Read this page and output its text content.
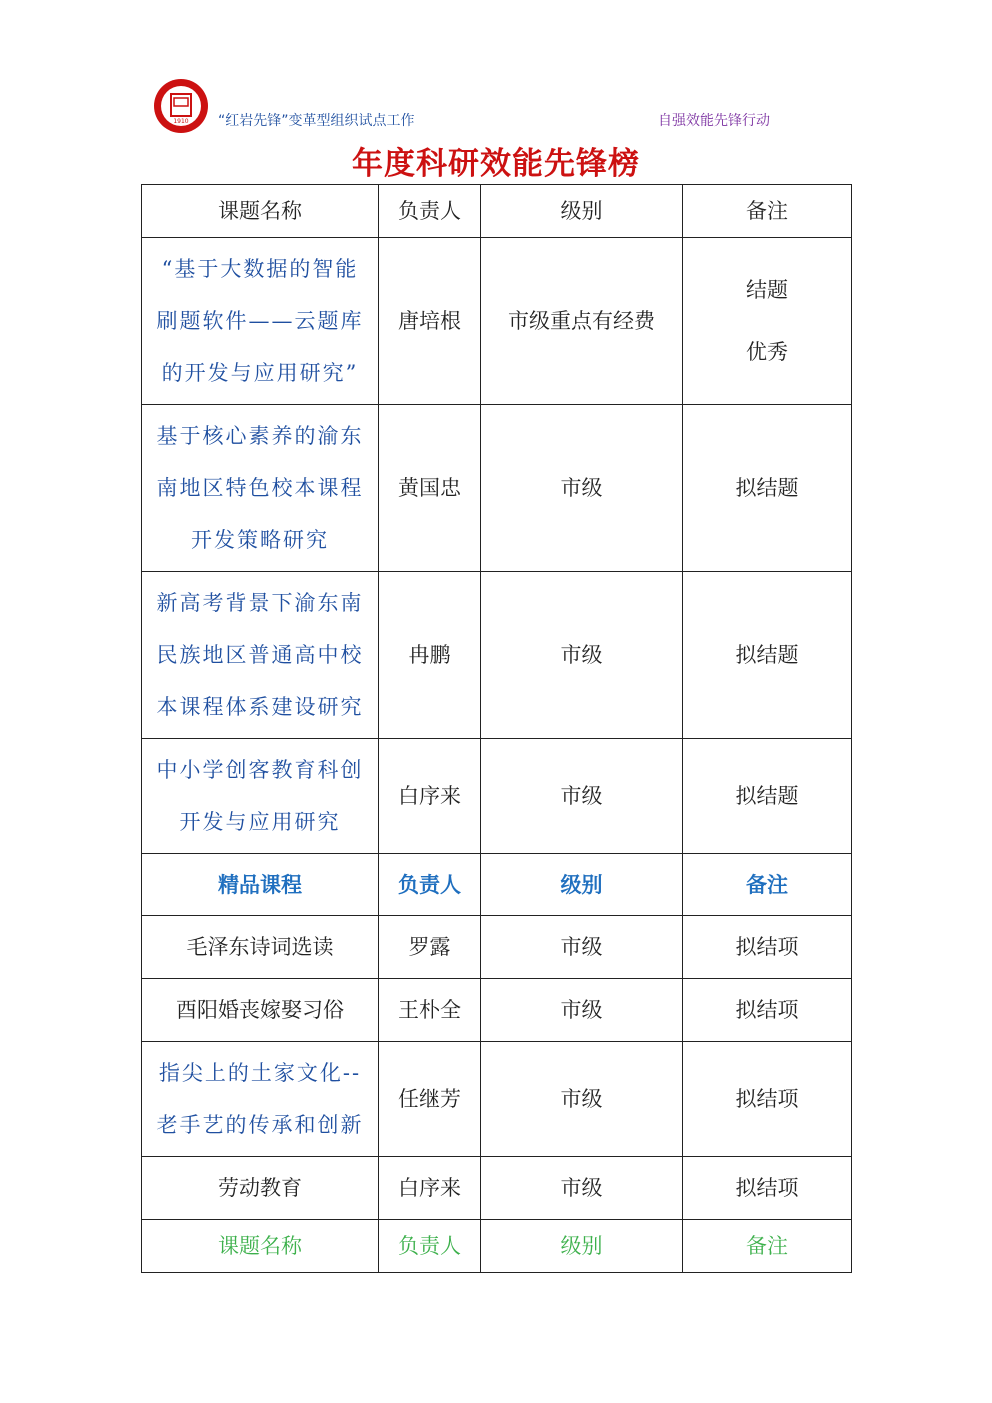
1910 “红岩先锋”变革型组织试点工作	自强效能先锋行动
年度科研效能先锋榜
课题名称	负责人	级别	备注
“基于大数据的智能刷题软件——云题库的开发与应用研究”	唐培根	市级重点有经费	结题
优秀

基于核心素养的渝东南地区特色校本课程开发策略研究	黄国忠	市级	拟结题
新高考背景下渝东南民族地区普通高中校本课程体系建设研究	冉鹏	市级	拟结题
中小学创客教育科创开发与应用研究	白序来	市级	拟结题
精品课程	负责人	级别	备注
毛泽东诗词选读	罗露	市级	拟结项
酉阳婚丧嫁娶习俗	王朴全	市级	拟结项
指尖上的土家文化--老手艺的传承和创新	任继芳	市级	拟结项
劳动教育	白序来	市级	拟结项
课题名称	负责人	级别	备注
